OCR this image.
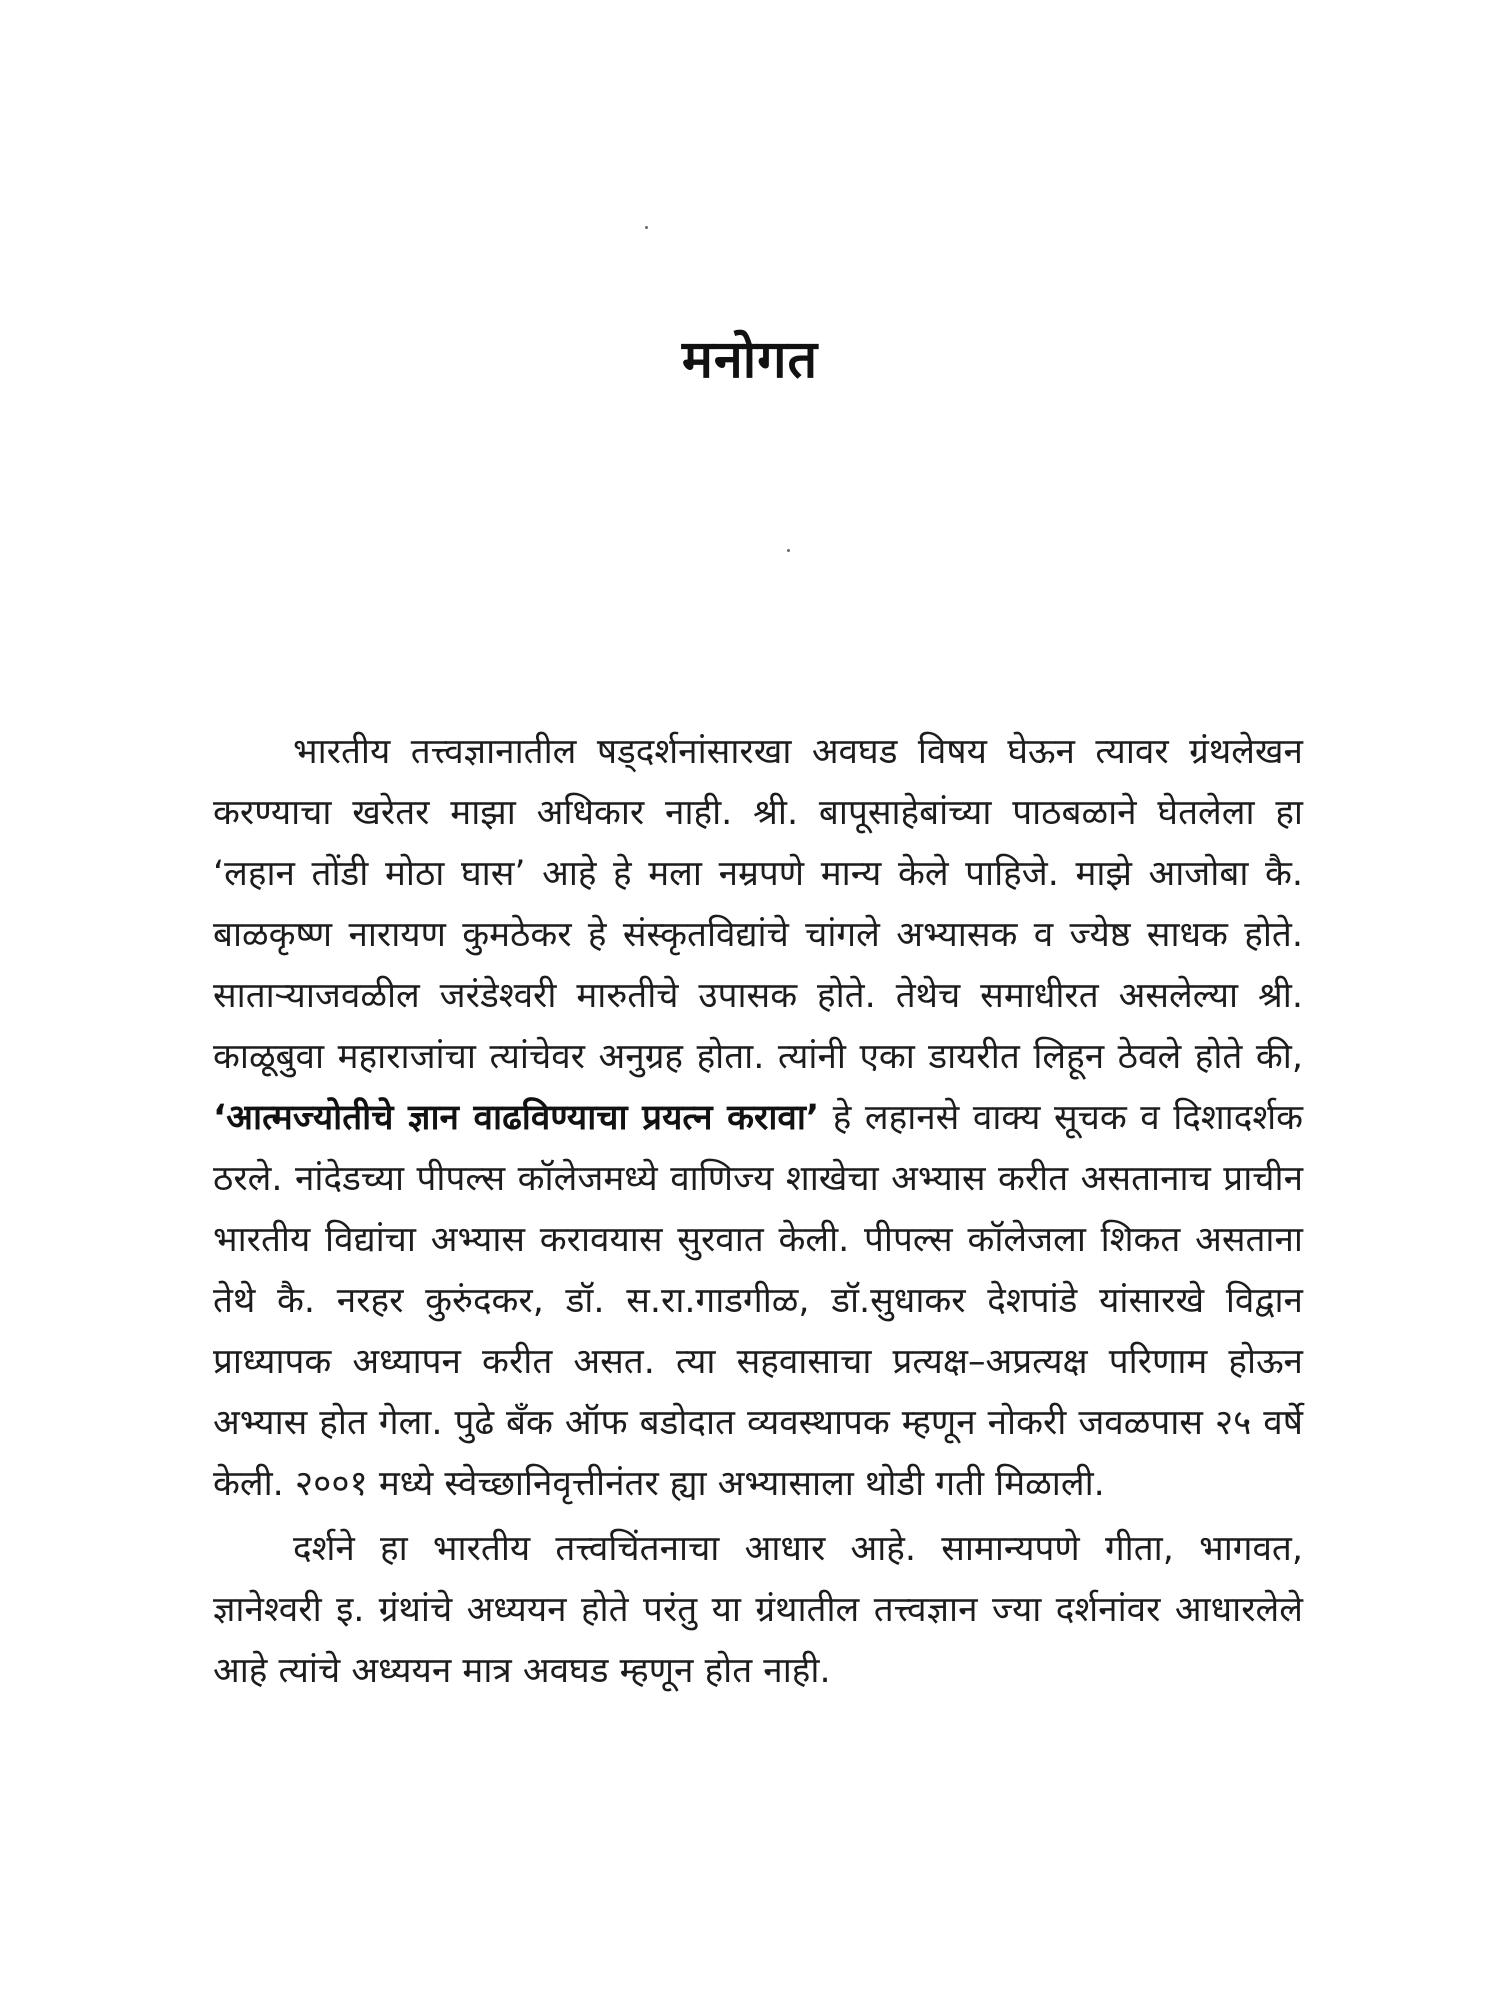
मनोगत

भारतीय तत्त्वज्ञानातील षड्दर्शनांसारखा अवघड विषय घेऊन त्यावर ग्रंथलेखन करण्याचा खरेतर माझा अधिकार नाही. श्री. बापूसाहेबांच्या पाठबळाने घेतलेला हा ‘लहान तोंडी मोठा घास’ आहे हे मला नम्रपणे मान्य केले पाहिजे. माझे आजोबा कै. बाळकृष्ण नारायण कुमठेकर हे संस्कृतविद्यांचे चांगले अभ्यासक व ज्येष्ठ साधक होते. सातार्‍याजवळील जरंडेश्वरी मारुतीचे उपासक होते. तेथेच समाधीरत असलेल्या श्री. काळूबुवा महाराजांचा त्यांचेवर अनुग्रह होता. त्यांनी एका डायरीत लिहून ठेवले होते की, ‘आत्मज्योतीचे ज्ञान वाढविण्याचा प्रयत्न करावा’ हे लहानसे वाक्य सूचक व दिशादर्शक ठरले. नांदेडच्या पीपल्स कॉलेजमध्ये वाणिज्य शाखेचा अभ्यास करीत असतानाच प्राचीन भारतीय विद्यांचा अभ्यास करावयास सुरवात केली. पीपल्स कॉलेजला शिकत असताना तेथे कै. नरहर कुरुंदकर, डॉ. स.रा.गाडगीळ, डॉ.सुधाकर देशपांडे यांसारखे विद्वान प्राध्यापक अध्यापन करीत असत. त्या सहवासाचा प्रत्यक्ष–अप्रत्यक्ष परिणाम होऊन अभ्यास होत गेला. पुढे बँक ऑफ बडोदात व्यवस्थापक म्हणून नोकरी जवळपास २५ वर्षे केली. २००१ मध्ये स्वेच्छानिवृत्तीनंतर ह्या अभ्यासाला थोडी गती मिळाली.

दर्शने हा भारतीय तत्त्वचिंतनाचा आधार आहे. सामान्यपणे गीता, भागवत, ज्ञानेश्वरी इ. ग्रंथांचे अध्ययन होते परंतु या ग्रंथातील तत्त्वज्ञान ज्या दर्शनांवर आधारलेले आहे त्यांचे अध्ययन मात्र अवघड म्हणून होत नाही.
